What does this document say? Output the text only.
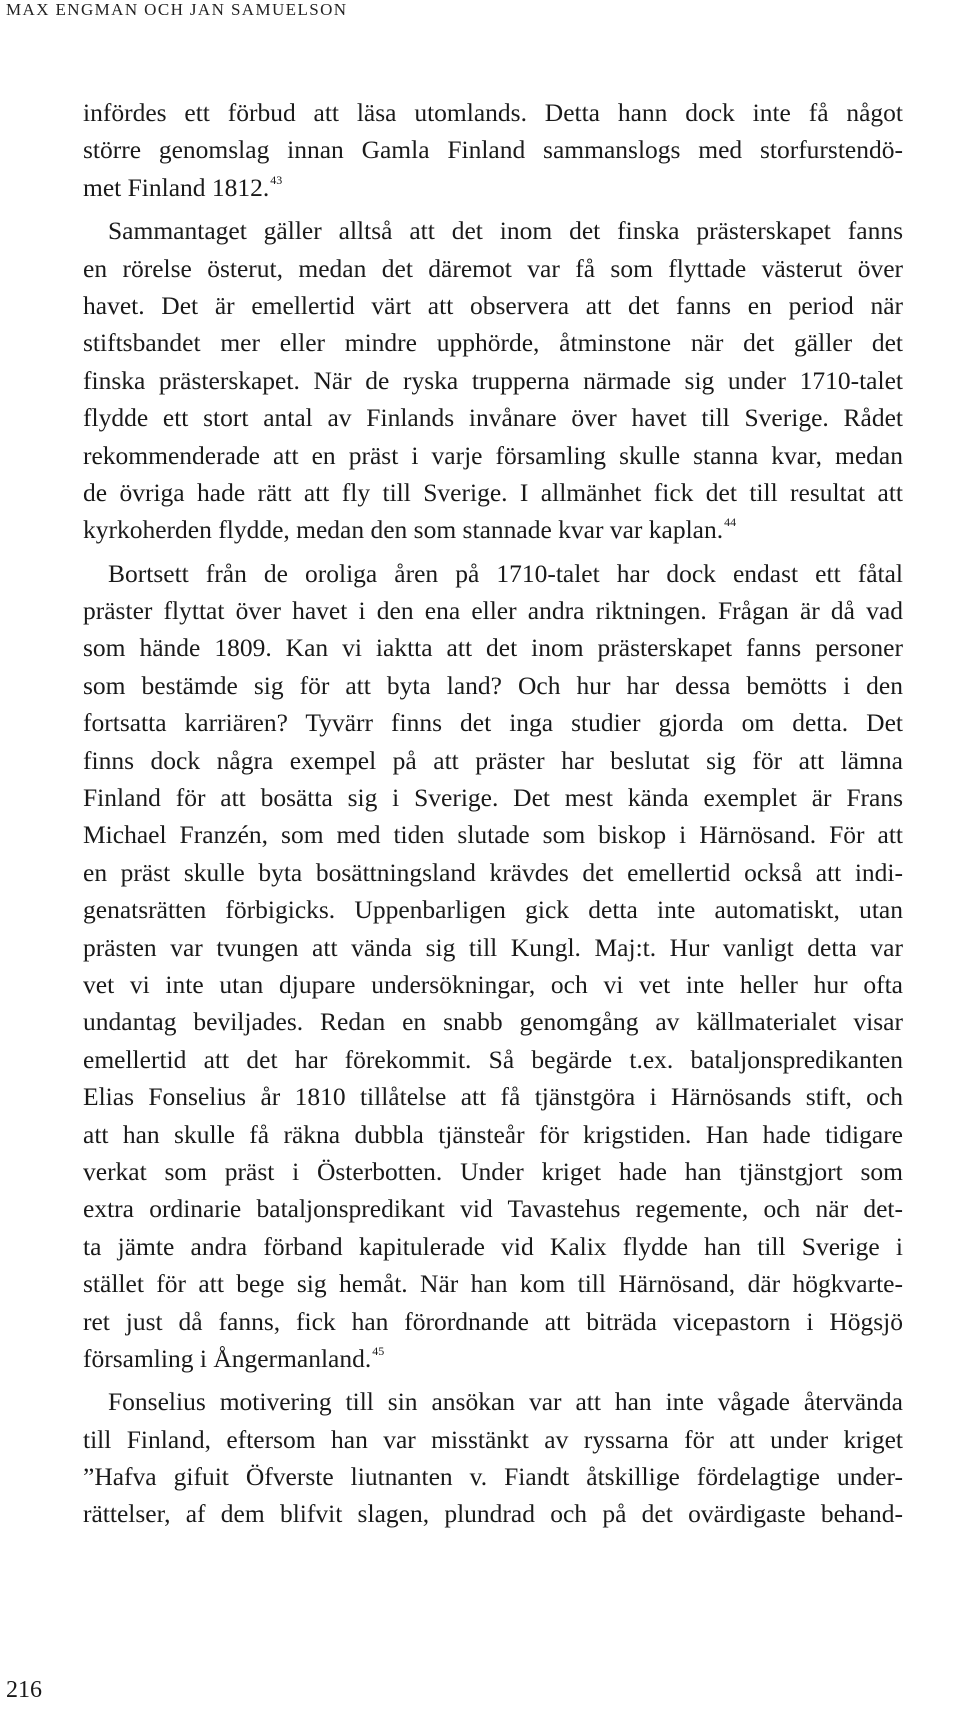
MAX ENGMAN OCH JAN SAMUELSON
infördes ett förbud att läsa utomlands. Detta hann dock inte få något
större genomslag innan Gamla Finland sammanslogs med storfurstendö-
met Finland 1812.43
Sammantaget gäller alltså att det inom det finska prästerskapet fanns
en rörelse österut, medan det däremot var få som flyttade västerut över
havet. Det är emellertid värt att observera att det fanns en period när
stiftsbandet mer eller mindre upphörde, åtminstone när det gäller det
finska prästerskapet. När de ryska trupperna närmade sig under 1710-talet
flydde ett stort antal av Finlands invånare över havet till Sverige. Rådet
rekommenderade att en präst i varje församling skulle stanna kvar, medan
de övriga hade rätt att fly till Sverige. I allmänhet fick det till resultat att
kyrkoherden flydde, medan den som stannade kvar var kaplan.$^{44}$
Bortsett från de oroliga åren på 1710-talet har dock endast ett fåtal
präster flyttat över havet i den ena eller andra riktningen. Frågan är då vad
som hände 1809. Kan vi iaktta att det inom prästerskapet fanns personer
som bestämde sig för att byta land? Och hur har dessa bemötts i den
fortsatta karriären? Tyvärr finns det inga studier gjorda om detta. Det
finns dock några exempel på att präster har beslutat sig för att lämna
Finland för att bosätta sig i Sverige. Det mest kända exemplet är Frans
Michael Franzén, som med tiden slutade som biskop i Härnösand. För att
en präst skulle byta bosättningsland krävdes det emellertid också att indi-
genatsrätten förbigicks. Uppenbarligen gick detta inte automatiskt, utan
prästen var tvungen att vända sig till Kungl. Maj:t. Hur vanligt detta var
vet vi inte utan djupare undersökningar, och vi vet inte heller hur ofta
undantag beviljades. Redan en snabb genomgång av källmaterialet visar
emellertid att det har förekommit. Så begärde t.ex. bataljonspredikanten
Elias Fonselius år 1810 tillåtelse att få tjänstgöra i Härnösands stift, och
att han skulle få räkna dubbla tjänsteår för krigstiden. Han hade tidigare
verkat som präst i Österbotten. Under kriget hade han tjänstgjort som
extra ordinarie bataljonspredikant vid Tavastehus regemente, och när det-
ta jämte andra förband kapitulerade vid Kalix flydde han till Sverige i
stället för att bege sig hemåt. När han kom till Härnösand, där högkvarte-
ret just då fanns, fick han förordnande att biträda vicepastorn i Högsjö
församling i Ångermanland.$^{45}$
Fonselius motivering till sin ansökan var att han inte vågade återvända
till Finland, eftersom han var misstänkt av ryssarna för att under kriget
”Hafva gifuit Öfverste liutnanten v. Fiandt åtskillige fördelagtige under-
rättelser, af dem blifvit slagen, plundrad och på det ovärdigaste behand-
216
